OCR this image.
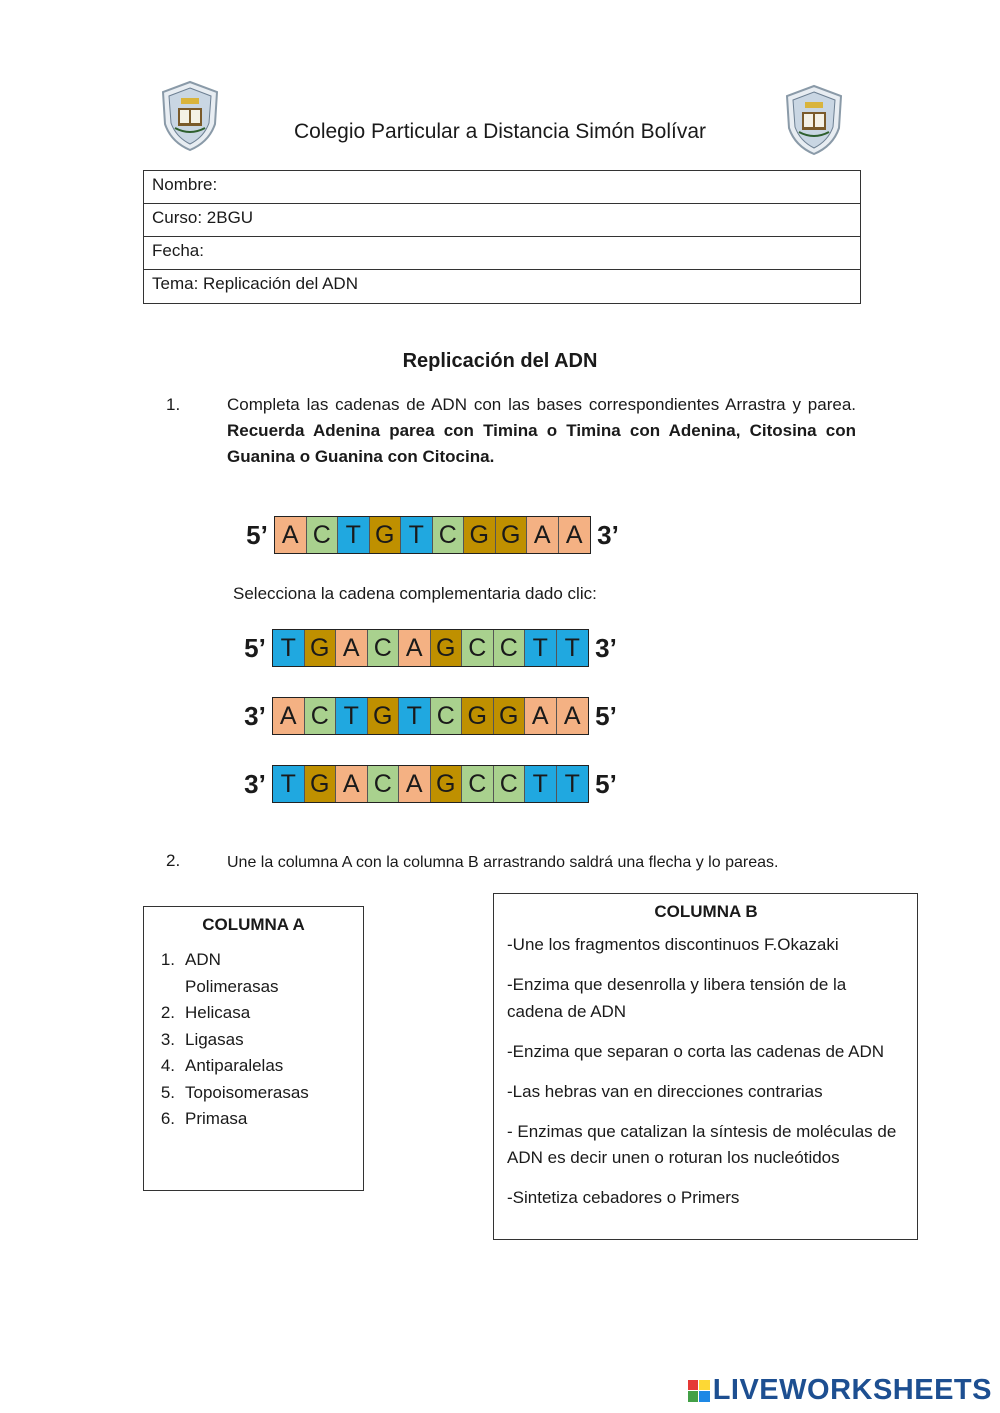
Colegio Particular a Distancia Simón Bolívar
Nombre:
Curso: 2BGU
Fecha:
Tema: Replicación del ADN
Replicación del ADN
1.	Completa las cadenas de ADN con las bases correspondientes Arrastra y parea. Recuerda Adenina parea con Timina o Timina con Adenina, Citosina con Guanina o Guanina con Citocina.
5’ A C T G T C G G A A 3’
Selecciona la cadena complementaria dado clic:
5’ T G A C A G C C T T 3’
3’ A C T G T C G G A A 5’
3’ T G A C A G C C T T 5’
2.	Une la columna A con la columna B arrastrando saldrá una flecha y lo pareas.
COLUMNA A
1. ADN Polimerasas
2. Helicasa
3. Ligasas
4. Antiparalelas
5. Topoisomerasas
6. Primasa
COLUMNA B
-Une los fragmentos discontinuos F.Okazaki
-Enzima que desenrolla y libera tensión de la cadena de ADN
-Enzima que separan o corta las cadenas de ADN
-Las hebras van en direcciones contrarias
- Enzimas que catalizan la síntesis de moléculas de ADN es decir unen o roturan los nucleótidos
-Sintetiza cebadores o Primers
LIVEWORKSHEETS
